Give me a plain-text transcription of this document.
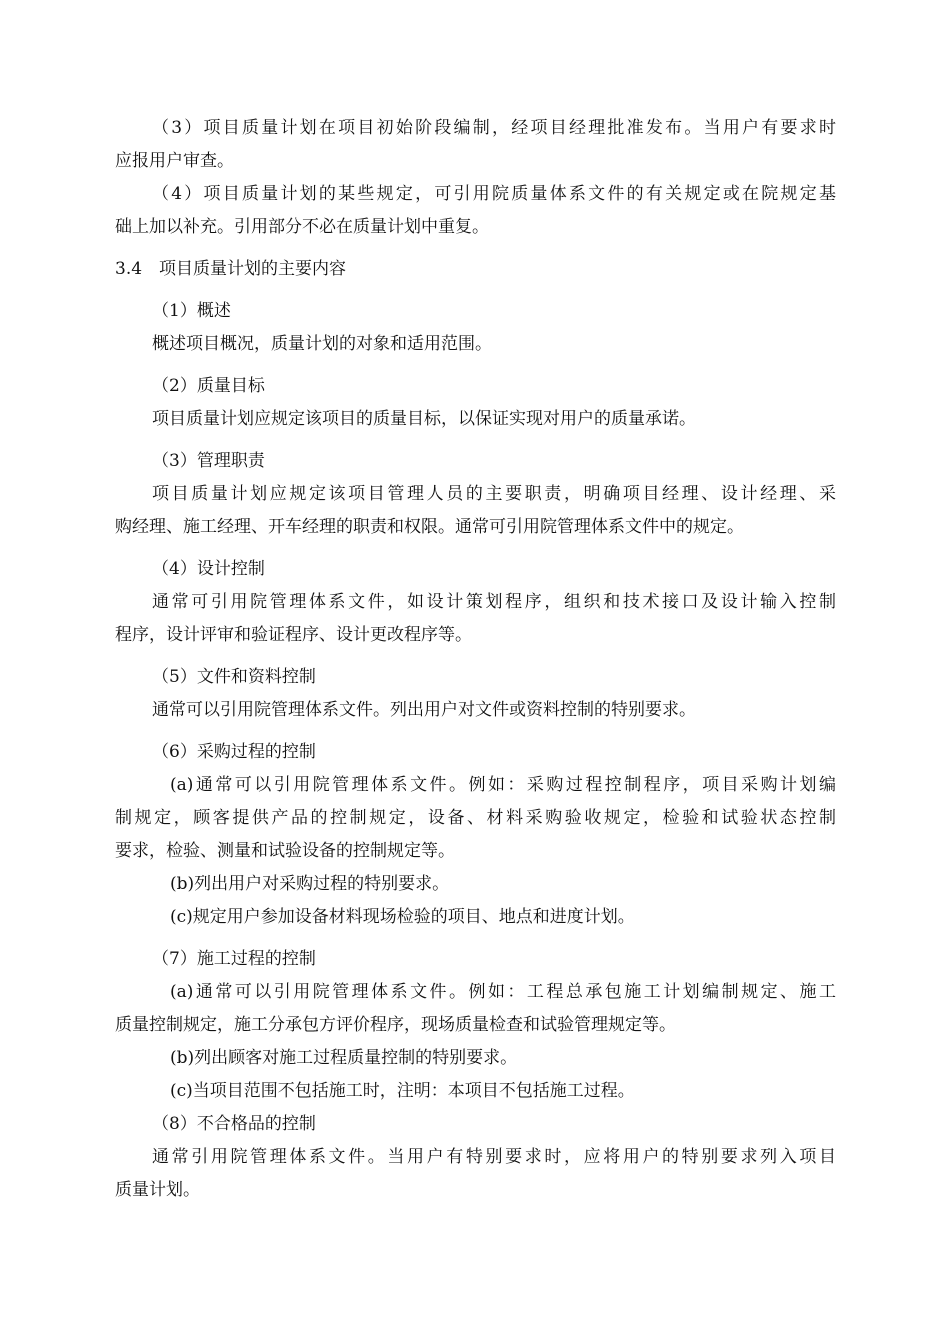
（3）项目质量计划在项目初始阶段编制，经项目经理批准发布。当用户有要求时
应报用户审查。
（4）项目质量计划的某些规定，可引用院质量体系文件的有关规定或在院规定基
础上加以补充。引用部分不必在质量计划中重复。
3.4　项目质量计划的主要内容
（1）概述
概述项目概况，质量计划的对象和适用范围。
（2）质量目标
项目质量计划应规定该项目的质量目标，以保证实现对用户的质量承诺。
（3）管理职责
项目质量计划应规定该项目管理人员的主要职责，明确项目经理、设计经理、采
购经理、施工经理、开车经理的职责和权限。通常可引用院管理体系文件中的规定。
（4）设计控制
通常可引用院管理体系文件，如设计策划程序，组织和技术接口及设计输入控制
程序，设计评审和验证程序、设计更改程序等。
（5）文件和资料控制
通常可以引用院管理体系文件。列出用户对文件或资料控制的特别要求。
（6）采购过程的控制
(a)通常可以引用院管理体系文件。例如：采购过程控制程序，项目采购计划编
制规定，顾客提供产品的控制规定，设备、材料采购验收规定，检验和试验状态控制
要求，检验、测量和试验设备的控制规定等。
(b)列出用户对采购过程的特别要求。
(c)规定用户参加设备材料现场检验的项目、地点和进度计划。
（7）施工过程的控制
(a)通常可以引用院管理体系文件。例如：工程总承包施工计划编制规定、施工
质量控制规定，施工分承包方评价程序，现场质量检查和试验管理规定等。
(b)列出顾客对施工过程质量控制的特别要求。
(c)当项目范围不包括施工时，注明：本项目不包括施工过程。
（8）不合格品的控制
通常引用院管理体系文件。当用户有特别要求时，应将用户的特别要求列入项目
质量计划。
